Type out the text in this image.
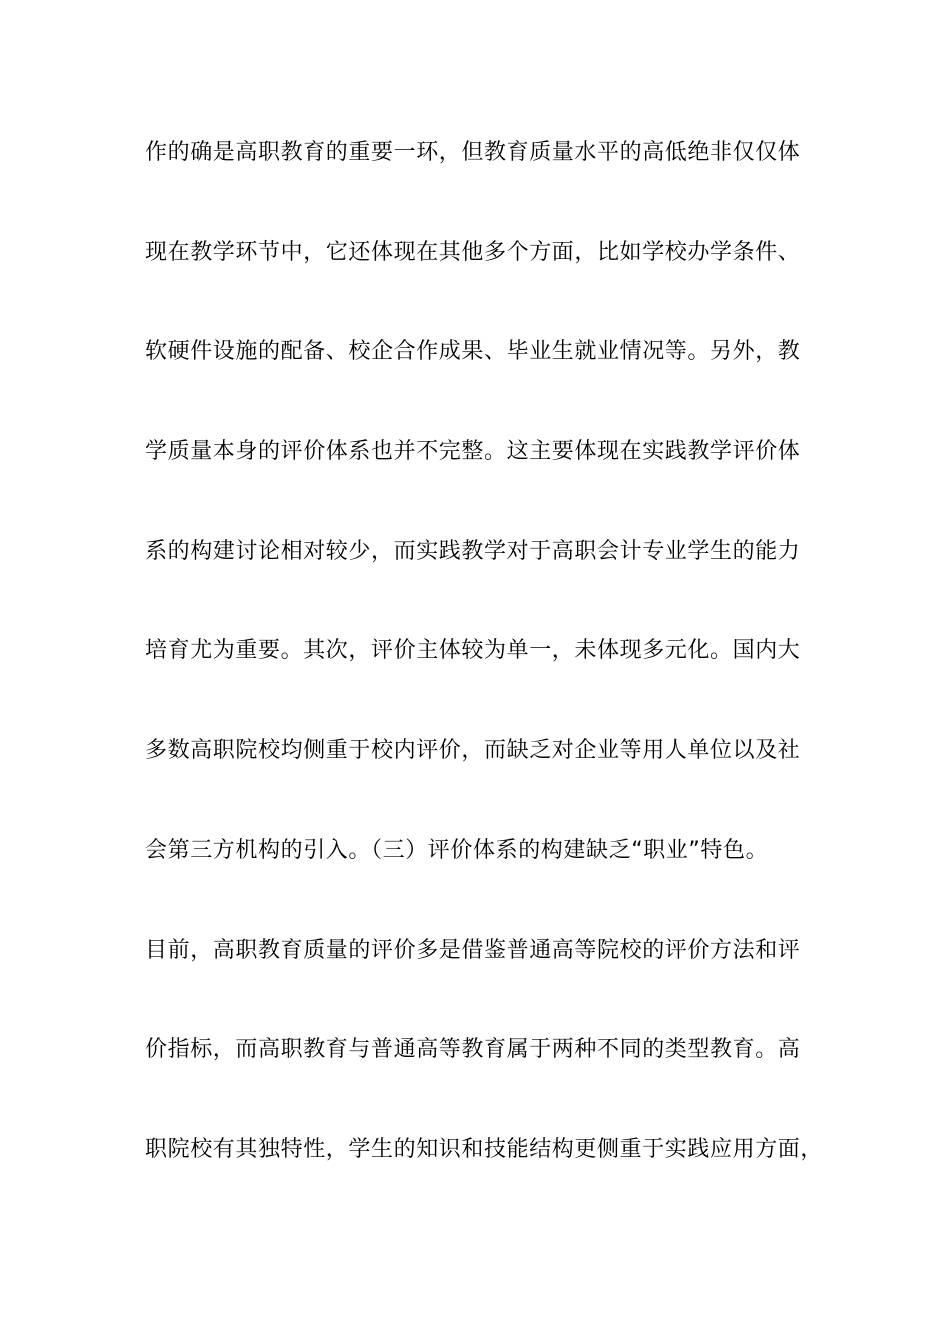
作的确是高职教育的重要一环，但教育质量水平的高低绝非仅仅体
现在教学环节中，它还体现在其他多个方面，比如学校办学条件、
软硬件设施的配备、校企合作成果、毕业生就业情况等。另外，教
学质量本身的评价体系也并不完整。这主要体现在实践教学评价体
系的构建讨论相对较少，而实践教学对于高职会计专业学生的能力
培育尤为重要。其次，评价主体较为单一，未体现多元化。国内大
多数高职院校均侧重于校内评价，而缺乏对企业等用人单位以及社
会第三方机构的引入。（三）评价体系的构建缺乏“职业”特色。
目前，高职教育质量的评价多是借鉴普通高等院校的评价方法和评
价指标，而高职教育与普通高等教育属于两种不同的类型教育。高
职院校有其独特性，学生的知识和技能结构更侧重于实践应用方面，
